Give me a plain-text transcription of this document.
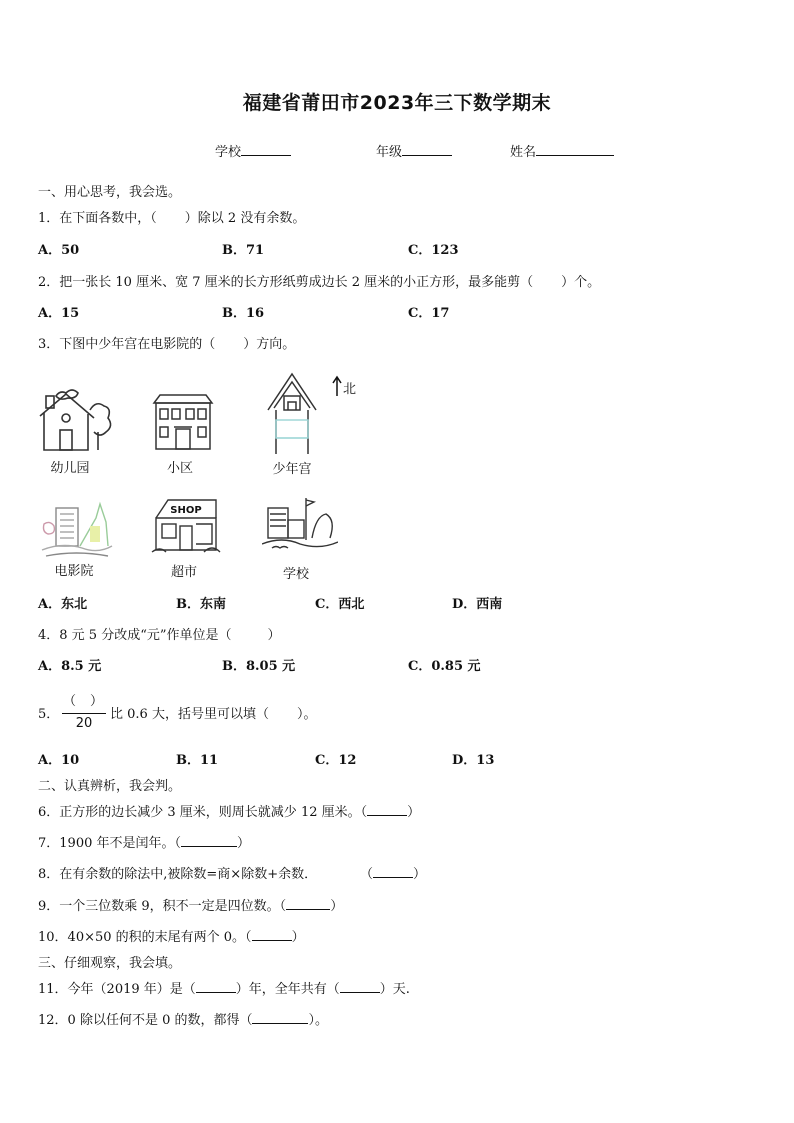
福建省莆田市2023年三下数学期末
学校	年级	姓名
一、用心思考，我会选。
1．在下面各数中，（ ）除以 2 没有余数。
A．50	B．71	C．123
2．把一张长 10 厘米、宽 7 厘米的长方形纸剪成边长 2 厘米的小正方形，最多能剪（ ）个。
A．15	B．16	C．17
3．下图中少年宫在电影院的（ ）方向。
幼儿园	小区
北
少年宫
电影院
SHOP
超市	学校
A．东北	B．东南	C．西北	D．西南
4．8 元 5 分改成“元”作单位是（	）
A．8.5 元	B．8.05 元	C．0.85 元
5．
（ ）
20
比 0.6 大，括号里可以填（ ）。
A．10	B．11	C．12	D．13
二、认真辨析，我会判。
6．正方形的边长减少 3 厘米，则周长就减少 12 厘米。（	）
7．1900 年不是闰年。（	）
8．在有余数的除法中,被除数=商×除数+余数．	（	）
9．一个三位数乘 9，积不一定是四位数。（	）
10．40×50 的积的末尾有两个 0。（	）
三、仔细观察，我会填。
11．今年（2019 年）是（	）年，全年共有（	）天.
12．0 除以任何不是 0 的数，都得（	）。
